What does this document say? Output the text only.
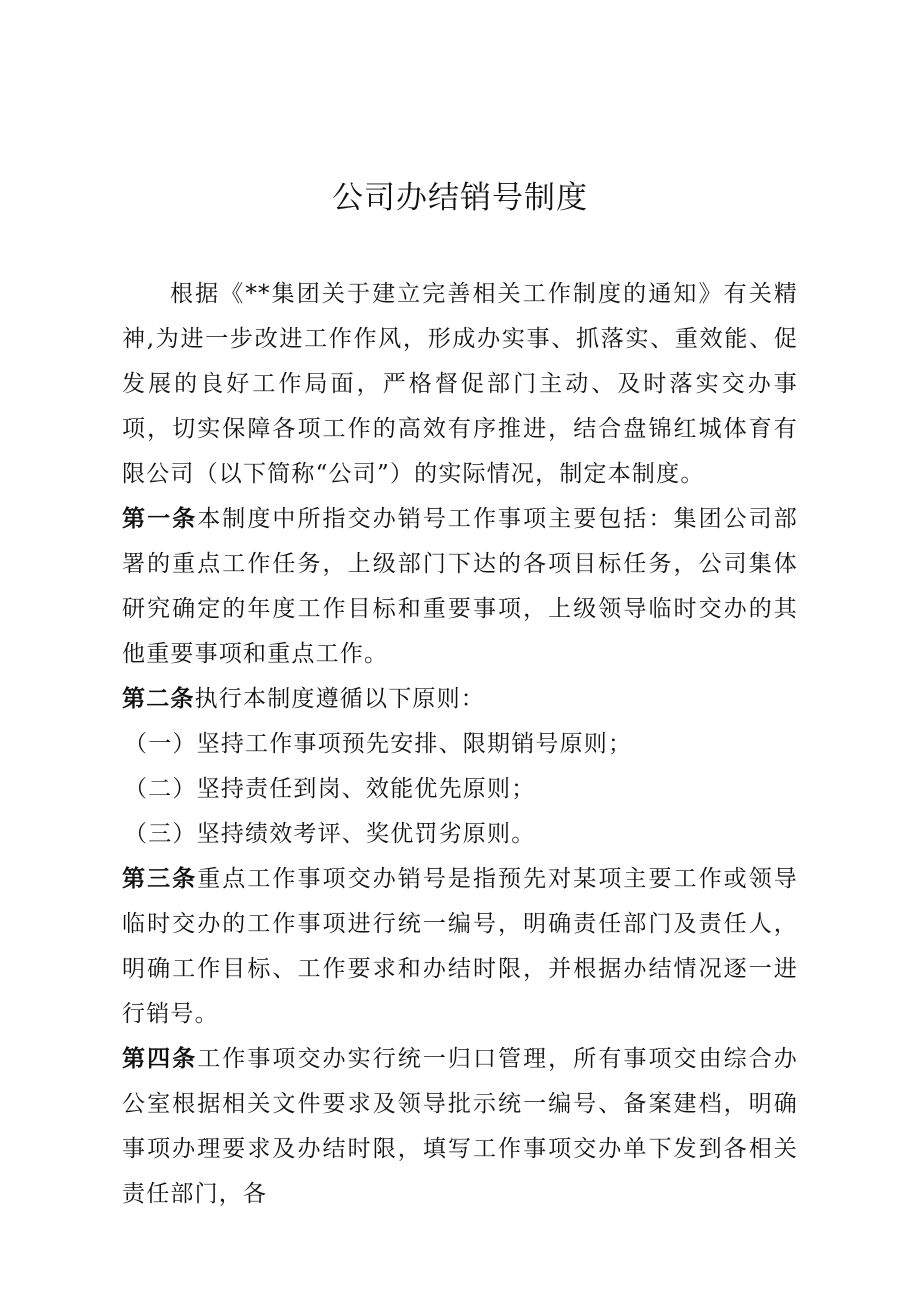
公司办结销号制度

根据《**集团关于建立完善相关工作制度的通知》有关精神,为进一步改进工作作风，形成办实事、抓落实、重效能、促发展的良好工作局面，严格督促部门主动、及时落实交办事项，切实保障各项工作的高效有序推进，结合盘锦红城体育有限公司（以下简称“公司”）的实际情况，制定本制度。

第一条本制度中所指交办销号工作事项主要包括：集团公司部署的重点工作任务，上级部门下达的各项目标任务，公司集体研究确定的年度工作目标和重要事项，上级领导临时交办的其他重要事项和重点工作。

第二条执行本制度遵循以下原则：

（一）坚持工作事项预先安排、限期销号原则；

（二）坚持责任到岗、效能优先原则；

（三）坚持绩效考评、奖优罚劣原则。

第三条重点工作事项交办销号是指预先对某项主要工作或领导临时交办的工作事项进行统一编号，明确责任部门及责任人，明确工作目标、工作要求和办结时限，并根据办结情况逐一进行销号。

第四条工作事项交办实行统一归口管理，所有事项交由综合办公室根据相关文件要求及领导批示统一编号、备案建档，明确事项办理要求及办结时限，填写工作事项交办单下发到各相关责任部门，各
